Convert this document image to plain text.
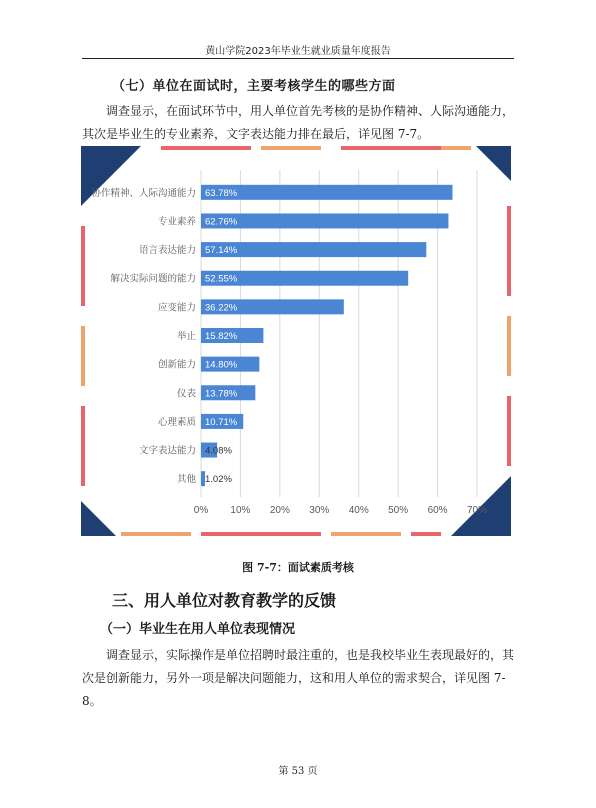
黄山学院2023年毕业生就业质量年度报告
（七）单位在面试时，主要考核学生的哪些方面
调查显示，在面试环节中，用人单位首先考核的是协作精神、人际沟通能力，其次是毕业生的专业素养，文字表达能力排在最后，详见图 7-7。
63.78%
62.76%
57.14%
52.55%
36.22%
15.82%
14.80%
13.78%
10.71%
4.08%
1.02%
协作精神、人际沟通能力
专业素养
语言表达能力
解决实际问题的能力
应变能力
举止
创新能力
仪表
心理素质
文字表达能力
其他
0% 10% 20% 30% 40% 50% 60% 70%
图 7-7：面试素质考核
三、用人单位对教育教学的反馈
（一）毕业生在用人单位表现情况
调查显示，实际操作是单位招聘时最注重的，也是我校毕业生表现最好的，其次是创新能力，另外一项是解决问题能力，这和用人单位的需求契合，详见图 7-8。
第 53 页
